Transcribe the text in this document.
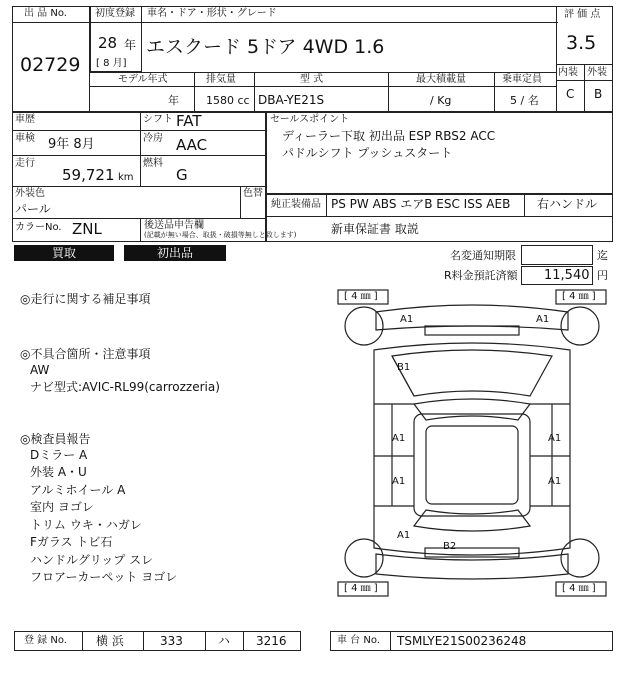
出 品 No.
02729
初度登録
28 年
[ 8 月]
車名・ドア・形状・グレード
エスクード 5ドア 4WD 1.6
評 価 点
3.5
内装 外装
C B
モデル年式
年
排気量
1580 cc
型 式
DBA-YE21S
最大積載量
/ Kg
乗車定員
5 / 名
車歴	シフト FAT
車検 9年 8月	冷房 AAC
走行
59,721 km
燃料
G
外装色
パール
色替
カラーNo. ZNL	後送品申告欄
(記載が無い場合、取扱・破損等無しと致します)
セールスポイント
ディーラー下取 初出品 ESP RBS2 ACC
パドルシフト プッシュスタート
純正装備品 PS PW ABS エアB ESC ISS AEB 右ハンドル
新車保証書 取説
買取	初出品	名変通知期限	迄
R料金預託済額 11,540 円
◎走行に関する補足事項
◎不具合箇所・注意事項
AW
ナビ型式:AVIC-RL99(carrozzeria)
◎検査員報告
Dミラー A
外装 A・U
アルミホイール A
室内 ヨゴレ
トリム ウキ・ハガレ
Fガラス トビ石
ハンドルグリップ スレ
フロアーカーペット ヨゴレ
[ 4 ㎜ ]	[ 4 ㎜ ]
[ 4 ㎜ ]	[ 4 ㎜ ]
A1	A1
B1
A1	A1
A1	A1
A1
B2
登 録 No. 横 浜	333	ハ 3216	車 台 No. TSMLYE21S00236248
